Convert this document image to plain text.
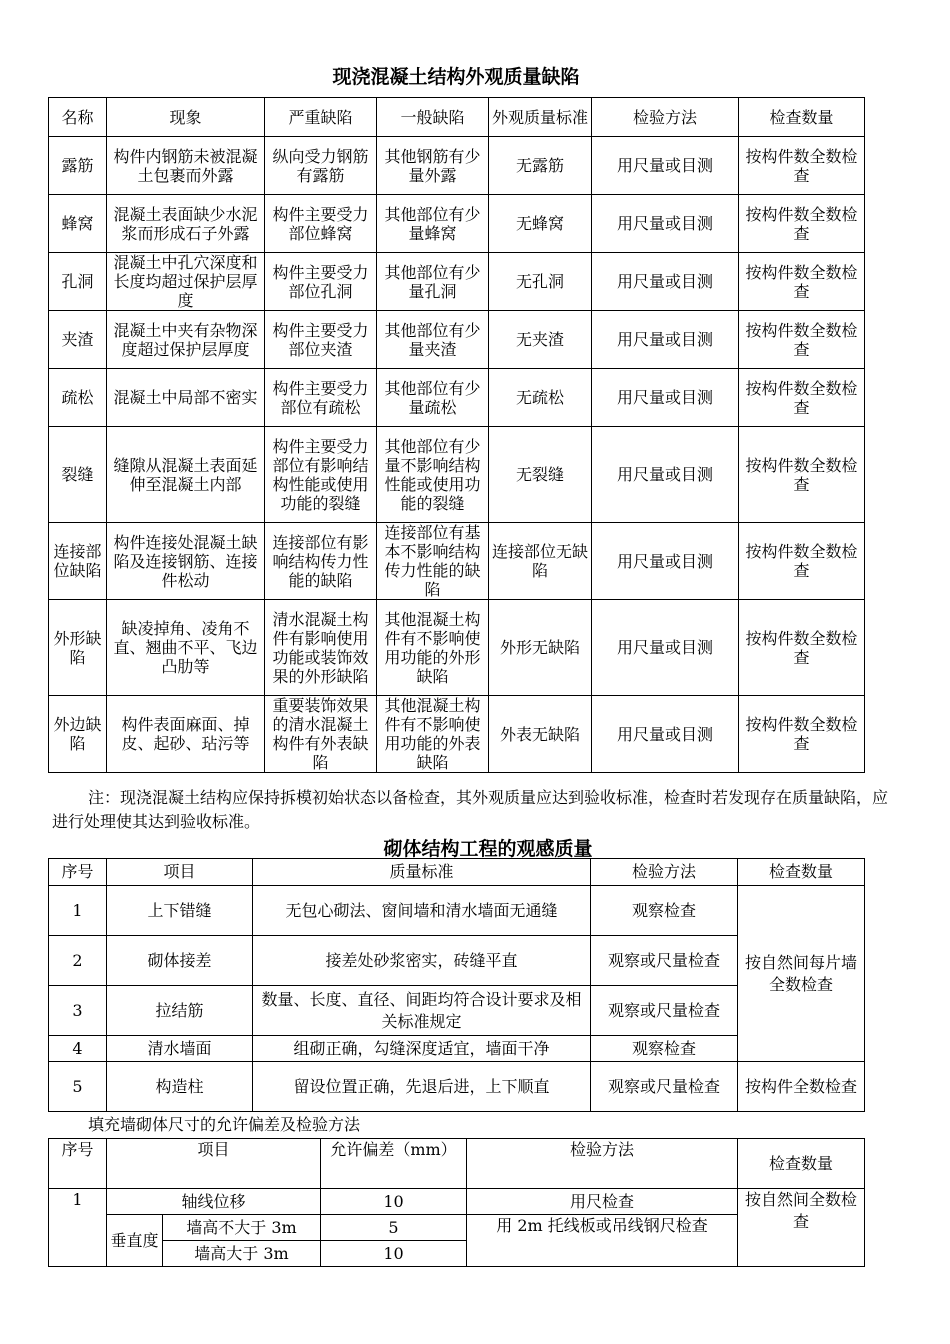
现浇混凝土结构外观质量缺陷
名称	现象	严重缺陷	一般缺陷	外观质量标准	检验方法	检查数量
露筋	构件内钢筋未被混凝土包裹而外露	纵向受力钢筋有露筋	其他钢筋有少量外露	无露筋	用尺量或目测	按构件数全数检查
蜂窝	混凝土表面缺少水泥浆而形成石子外露	构件主要受力部位蜂窝	其他部位有少量蜂窝	无蜂窝	用尺量或目测	按构件数全数检查
孔洞	混凝土中孔穴深度和长度均超过保护层厚度	构件主要受力部位孔洞	其他部位有少量孔洞	无孔洞	用尺量或目测	按构件数全数检查
夹渣	混凝土中夹有杂物深度超过保护层厚度	构件主要受力部位夹渣	其他部位有少量夹渣	无夹渣	用尺量或目测	按构件数全数检查
疏松	混凝土中局部不密实	构件主要受力部位有疏松	其他部位有少量疏松	无疏松	用尺量或目测	按构件数全数检查
裂缝	缝隙从混凝土表面延伸至混凝土内部	构件主要受力部位有影响结构性能或使用功能的裂缝	其他部位有少量不影响结构性能或使用功能的裂缝	无裂缝	用尺量或目测	按构件数全数检查
连接部位缺陷	构件连接处混凝土缺陷及连接钢筋、连接件松动	连接部位有影响结构传力性能的缺陷	连接部位有基本不影响结构传力性能的缺陷	连接部位无缺陷	用尺量或目测	按构件数全数检查
外形缺陷	缺凌掉角、凌角不直、翘曲不平、飞边凸肋等	清水混凝土构件有影响使用功能或装饰效果的外形缺陷	其他混凝土构件有不影响使用功能的外形缺陷	外形无缺陷	用尺量或目测	按构件数全数检查
外边缺陷	构件表面麻面、掉皮、起砂、玷污等	重要装饰效果的清水混凝土构件有外表缺陷	其他混凝土构件有不影响使用功能的外表缺陷	外表无缺陷	用尺量或目测	按构件数全数检查
注：现浇混凝土结构应保持拆模初始状态以备检查，其外观质量应达到验收标准，检查时若发现存在质量缺陷，应进行处理使其达到验收标准。
砌体结构工程的观感质量
序号	项目	质量标准	检验方法	检查数量
1	上下错缝	无包心砌法、窗间墙和清水墙面无通缝	观察检查	按自然间每片墙全数检查
2	砌体接差	接差处砂浆密实，砖缝平直	观察或尺量检查	
3	拉结筋	数量、长度、直径、间距均符合设计要求及相关标准规定	观察或尺量检查	
4	清水墙面	组砌正确，勾缝深度适宜，墙面干净	观察检查	
5	构造柱	留设位置正确，先退后进，上下顺直	观察或尺量检查	按构件全数检查
填充墙砌体尺寸的允许偏差及检验方法
序号	项目		允许偏差（mm）	检验方法	检查数量
1	轴线位移		10	用尺检查	按自然间全数检查
	垂直度	墙高不大于 3m	5	用 2m 托线板或吊线钢尺检查	
		墙高大于 3m	10		
